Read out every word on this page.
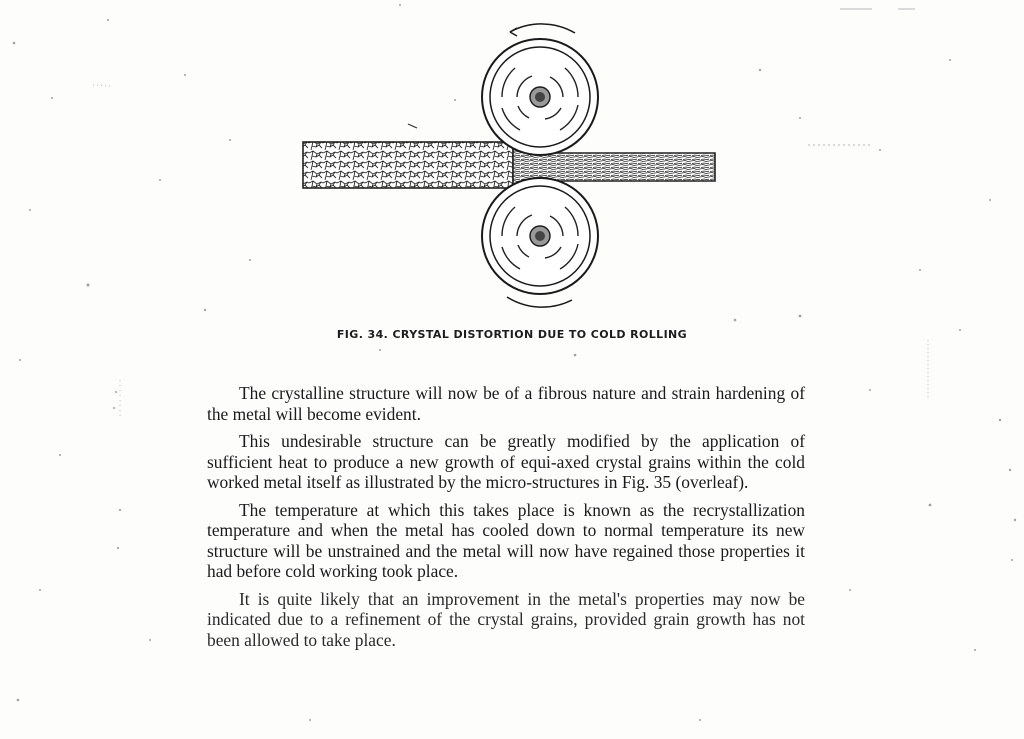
FIG. 34. CRYSTAL DISTORTION DUE TO COLD ROLLING

The crystalline structure will now be of a fibrous nature and strain hardening of the metal will become evident.

This undesirable structure can be greatly modified by the application of sufficient heat to produce a new growth of equi-axed crystal grains within the cold worked metal itself as illustrated by the micro-structures in Fig. 35 (overleaf).

The temperature at which this takes place is known as the recrystallization temperature and when the metal has cooled down to normal temperature its new structure will be unstrained and the metal will now have regained those properties it had before cold working took place.

It is quite likely that an improvement in the metal's properties may now be indicated due to a refinement of the crystal grains, provided grain growth has not been allowed to take place.
